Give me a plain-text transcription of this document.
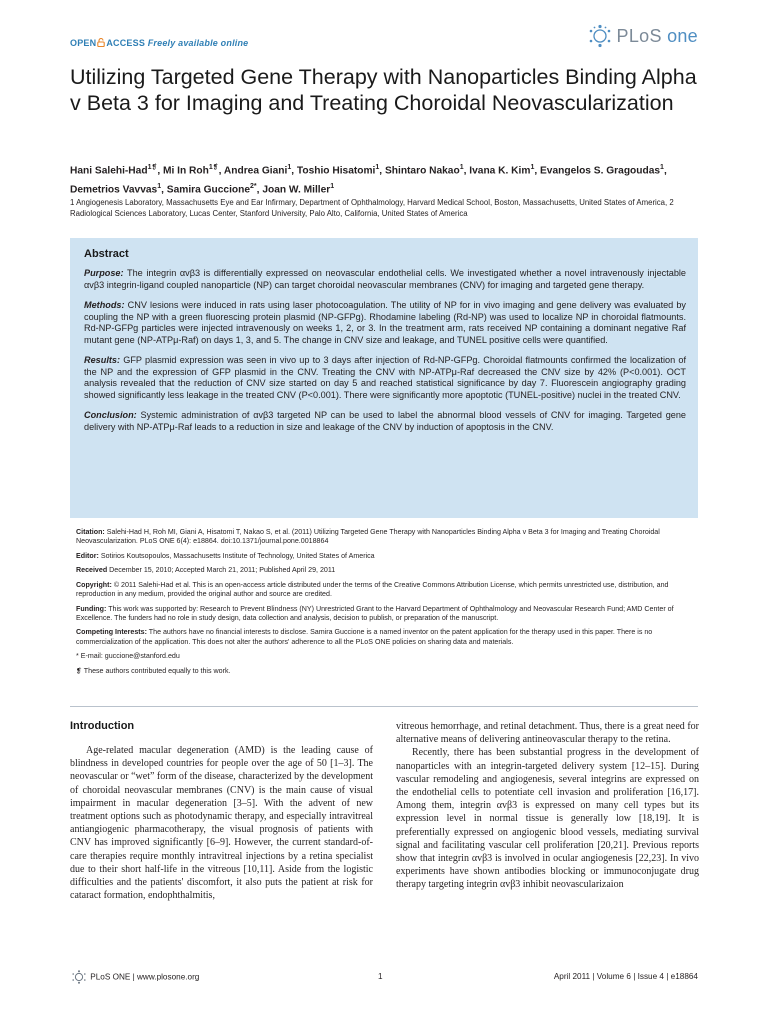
OPEN ACCESS Freely available online	PLoS one
Utilizing Targeted Gene Therapy with Nanoparticles Binding Alpha v Beta 3 for Imaging and Treating Choroidal Neovascularization
Hani Salehi-Had$^{1❡}$, Mi In Roh$^{1❡}$, Andrea Giani$^1$, Toshio Hisatomi$^1$, Shintaro Nakao$^1$, Ivana K. Kim$^1$, Evangelos S. Gragoudas$^1$, Demetrios Vavvas$^1$, Samira Guccione$^{2*}$, Joan W. Miller$^1$
1 Angiogenesis Laboratory, Massachusetts Eye and Ear Infirmary, Department of Ophthalmology, Harvard Medical School, Boston, Massachusetts, United States of America, 2 Radiological Sciences Laboratory, Lucas Center, Stanford University, Palo Alto, California, United States of America
Abstract

Purpose: The integrin αvβ3 is differentially expressed on neovascular endothelial cells. We investigated whether a novel intravenously injectable αvβ3 integrin-ligand coupled nanoparticle (NP) can target choroidal neovascular membranes (CNV) for imaging and targeted gene therapy.

Methods: CNV lesions were induced in rats using laser photocoagulation. The utility of NP for in vivo imaging and gene delivery was evaluated by coupling the NP with a green fluorescing protein plasmid (NP-GFPg). Rhodamine labeling (Rd-NP) was used to localize NP in choroidal flatmounts. Rd-NP-GFPg particles were injected intravenously on weeks 1, 2, or 3. In the treatment arm, rats received NP containing a dominant negative Raf mutant gene (NP-ATPμ-Raf) on days 1, 3, and 5. The change in CNV size and leakage, and TUNEL positive cells were quantified.

Results: GFP plasmid expression was seen in vivo up to 3 days after injection of Rd-NP-GFPg. Choroidal flatmounts confirmed the localization of the NP and the expression of GFP plasmid in the CNV. Treating the CNV with NP-ATPμ-Raf decreased the CNV size by 42% (P<0.001). OCT analysis revealed that the reduction of CNV size started on day 5 and reached statistical significance by day 7. Fluorescein angiography grading showed significantly less leakage in the treated CNV (P<0.001). There were significantly more apoptotic (TUNEL-positive) nuclei in the treated CNV.

Conclusion: Systemic administration of αvβ3 targeted NP can be used to label the abnormal blood vessels of CNV for imaging. Targeted gene delivery with NP-ATPμ-Raf leads to a reduction in size and leakage of the CNV by induction of apoptosis in the CNV.

Citation: Salehi-Had H, Roh MI, Giani A, Hisatomi T, Nakao S, et al. (2011) Utilizing Targeted Gene Therapy with Nanoparticles Binding Alpha v Beta 3 for Imaging and Treating Choroidal Neovascularization. PLoS ONE 6(4): e18864. doi:10.1371/journal.pone.0018864

Editor: Sotirios Koutsopoulos, Massachusetts Institute of Technology, United States of America

Received December 15, 2010; Accepted March 21, 2011; Published April 29, 2011

Copyright: © 2011 Salehi-Had et al. This is an open-access article distributed under the terms of the Creative Commons Attribution License, which permits unrestricted use, distribution, and reproduction in any medium, provided the original author and source are credited.

Funding: This work was supported by: Research to Prevent Blindness (NY) Unrestricted Grant to the Harvard Department of Ophthalmology and Neovascular Research Fund; AMD Center of Excellence. The funders had no role in study design, data collection and analysis, decision to publish, or preparation of the manuscript.

Competing Interests: The authors have no financial interests to disclose. Samira Guccione is a named inventor on the patent application for the therapy used in this paper. There is no commercialization of the application. This does not alter the authors' adherence to all the PLoS ONE policies on sharing data and materials.

* E-mail: guccione@stanford.edu

❡ These authors contributed equally to this work.

Introduction

Age-related macular degeneration (AMD) is the leading cause of blindness in developed countries for people over the age of 50 [1–3]. The neovascular or “wet” form of the disease, characterized by the development of choroidal neovascular membranes (CNV) is the main cause of visual impairment in macular degeneration [3–5]. With the advent of new treatment options such as photodynamic therapy, and especially intravitreal antiangiogenic pharmacotherapy, the visual prognosis of patients with CNV has improved significantly [6–9]. However, the current standard-of-care therapies require monthly intravitreal injections by a retina specialist due to their short half-life in the vitreous [10,11]. Aside from the logistic difficulties and the patients' discomfort, it also puts the patient at risk for cataract formation, endophthalmitis,

vitreous hemorrhage, and retinal detachment. Thus, there is a great need for alternative means of delivering antineovascular therapy to the retina.

Recently, there has been substantial progress in the development of nanoparticles with an integrin-targeted delivery system [12–15]. During vascular remodeling and angiogenesis, several integrins are expressed on the endothelial cells to potentiate cell invasion and proliferation [16,17]. Among them, integrin αvβ3 is expressed on many cell types but its expression level in normal tissue is generally low [18,19]. It is preferentially expressed on angiogenic blood vessels, mediating survival signal and facilitating vascular cell proliferation [20,21]. Previous reports show that integrin αvβ3 is involved in ocular angiogenesis [22,23]. In vivo experiments have shown antibodies blocking or immunoconjugate drug therapy targeting integrin αvβ3 inhibit neovascularizaion

PLoS ONE | www.plosone.org	1	April 2011 | Volume 6 | Issue 4 | e18864
